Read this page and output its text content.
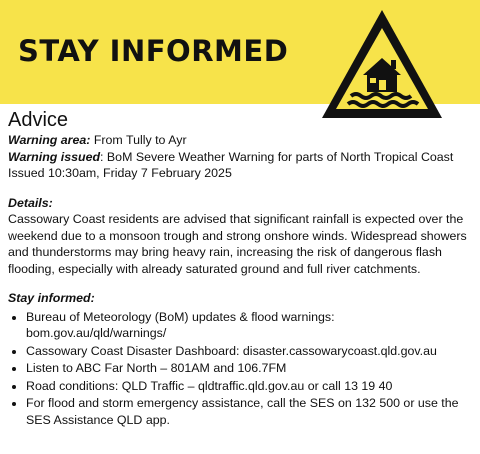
STAY INFORMED
Advice

Warning area: From Tully to Ayr

Warning issued: BoM Severe Weather Warning for parts of North Tropical Coast

Issued 10:30am, Friday 7 February 2025

Details:

Cassowary Coast residents are advised that significant rainfall is expected over the weekend due to a monsoon trough and strong onshore winds. Widespread showers and thunderstorms may bring heavy rain, increasing the risk of dangerous flash flooding, especially with already saturated ground and full river catchments.

Stay informed:

• Bureau of Meteorology (BoM) updates & flood warnings: bom.gov.au/qld/warnings/
• Cassowary Coast Disaster Dashboard: disaster.cassowarycoast.qld.gov.au
• Listen to ABC Far North – 801AM and 106.7FM
• Road conditions: QLD Traffic – qldtraffic.qld.gov.au or call 13 19 40
• For flood and storm emergency assistance, call the SES on 132 500 or use the SES Assistance QLD app.
